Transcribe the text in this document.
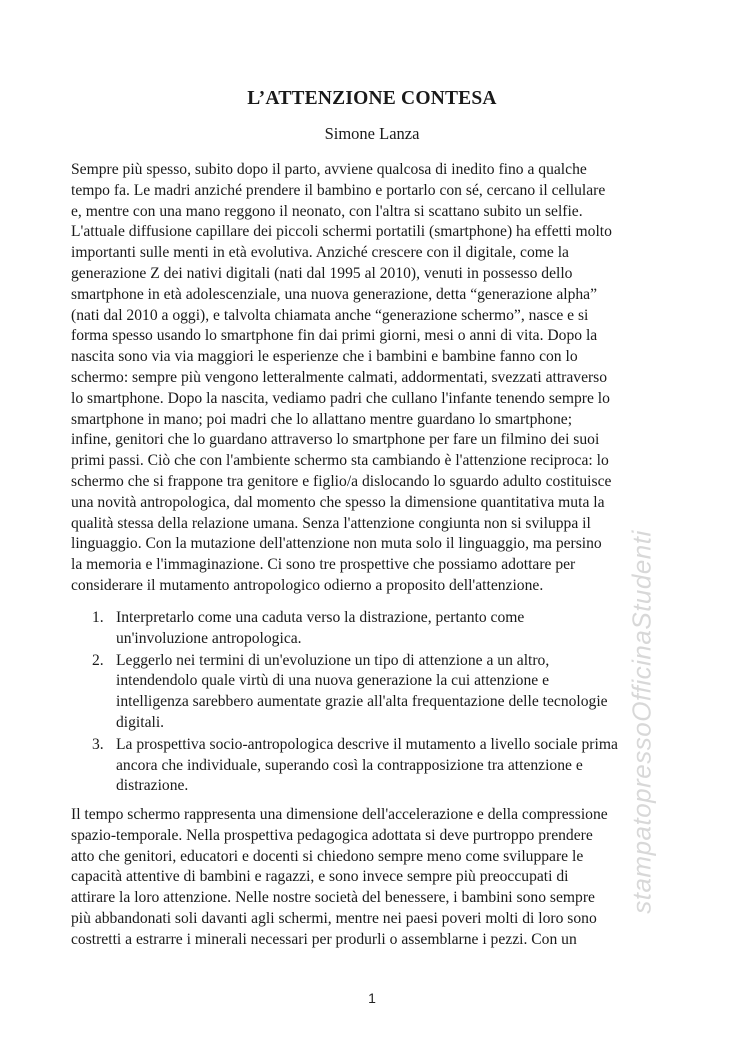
L’ATTENZIONE CONTESA
Simone Lanza
Sempre più spesso, subito dopo il parto, avviene qualcosa di inedito fino a qualche
tempo fa. Le madri anziché prendere il bambino e portarlo con sé, cercano il cellulare
e, mentre con una mano reggono il neonato, con l'altra si scattano subito un selfie.
L'attuale diffusione capillare dei piccoli schermi portatili (smartphone) ha effetti molto
importanti sulle menti in età evolutiva. Anziché crescere con il digitale, come la
generazione Z dei nativi digitali (nati dal 1995 al 2010), venuti in possesso dello
smartphone in età adolescenziale, una nuova generazione, detta “generazione alpha”
(nati dal 2010 a oggi), e talvolta chiamata anche “generazione schermo”, nasce e si
forma spesso usando lo smartphone fin dai primi giorni, mesi o anni di vita. Dopo la
nascita sono via via maggiori le esperienze che i bambini e bambine fanno con lo
schermo: sempre più vengono letteralmente calmati, addormentati, svezzati attraverso
lo smartphone. Dopo la nascita, vediamo padri che cullano l'infante tenendo sempre lo
smartphone in mano; poi madri che lo allattano mentre guardano lo smartphone;
infine, genitori che lo guardano attraverso lo smartphone per fare un filmino dei suoi
primi passi. Ciò che con l'ambiente schermo sta cambiando è l'attenzione reciproca: lo
schermo che si frappone tra genitore e figlio/a dislocando lo sguardo adulto costituisce
una novità antropologica, dal momento che spesso la dimensione quantitativa muta la
qualità stessa della relazione umana. Senza l'attenzione congiunta non si sviluppa il
linguaggio. Con la mutazione dell'attenzione non muta solo il linguaggio, ma persino
la memoria e l'immaginazione. Ci sono tre prospettive che possiamo adottare per
considerare il mutamento antropologico odierno a proposito dell'attenzione.
1. Interpretarlo come una caduta verso la distrazione, pertanto come
un'involuzione antropologica.
2. Leggerlo nei termini di un'evoluzione un tipo di attenzione a un altro,
intendendolo quale virtù di una nuova generazione la cui attenzione e
intelligenza sarebbero aumentate grazie all'alta frequentazione delle tecnologie
digitali.
3. La prospettiva socio-antropologica descrive il mutamento a livello sociale prima
ancora che individuale, superando così la contrapposizione tra attenzione e
distrazione.
Il tempo schermo rappresenta una dimensione dell'accelerazione e della compressione
spazio-temporale. Nella prospettiva pedagogica adottata si deve purtroppo prendere
atto che genitori, educatori e docenti si chiedono sempre meno come sviluppare le
capacità attentive di bambini e ragazzi, e sono invece sempre più preoccupati di
attirare la loro attenzione. Nelle nostre società del benessere, i bambini sono sempre
più abbandonati soli davanti agli schermi, mentre nei paesi poveri molti di loro sono
costretti a estrarre i minerali necessari per produrli o assemblarne i pezzi. Con un
stampatopressoOfficinaStudenti
1
